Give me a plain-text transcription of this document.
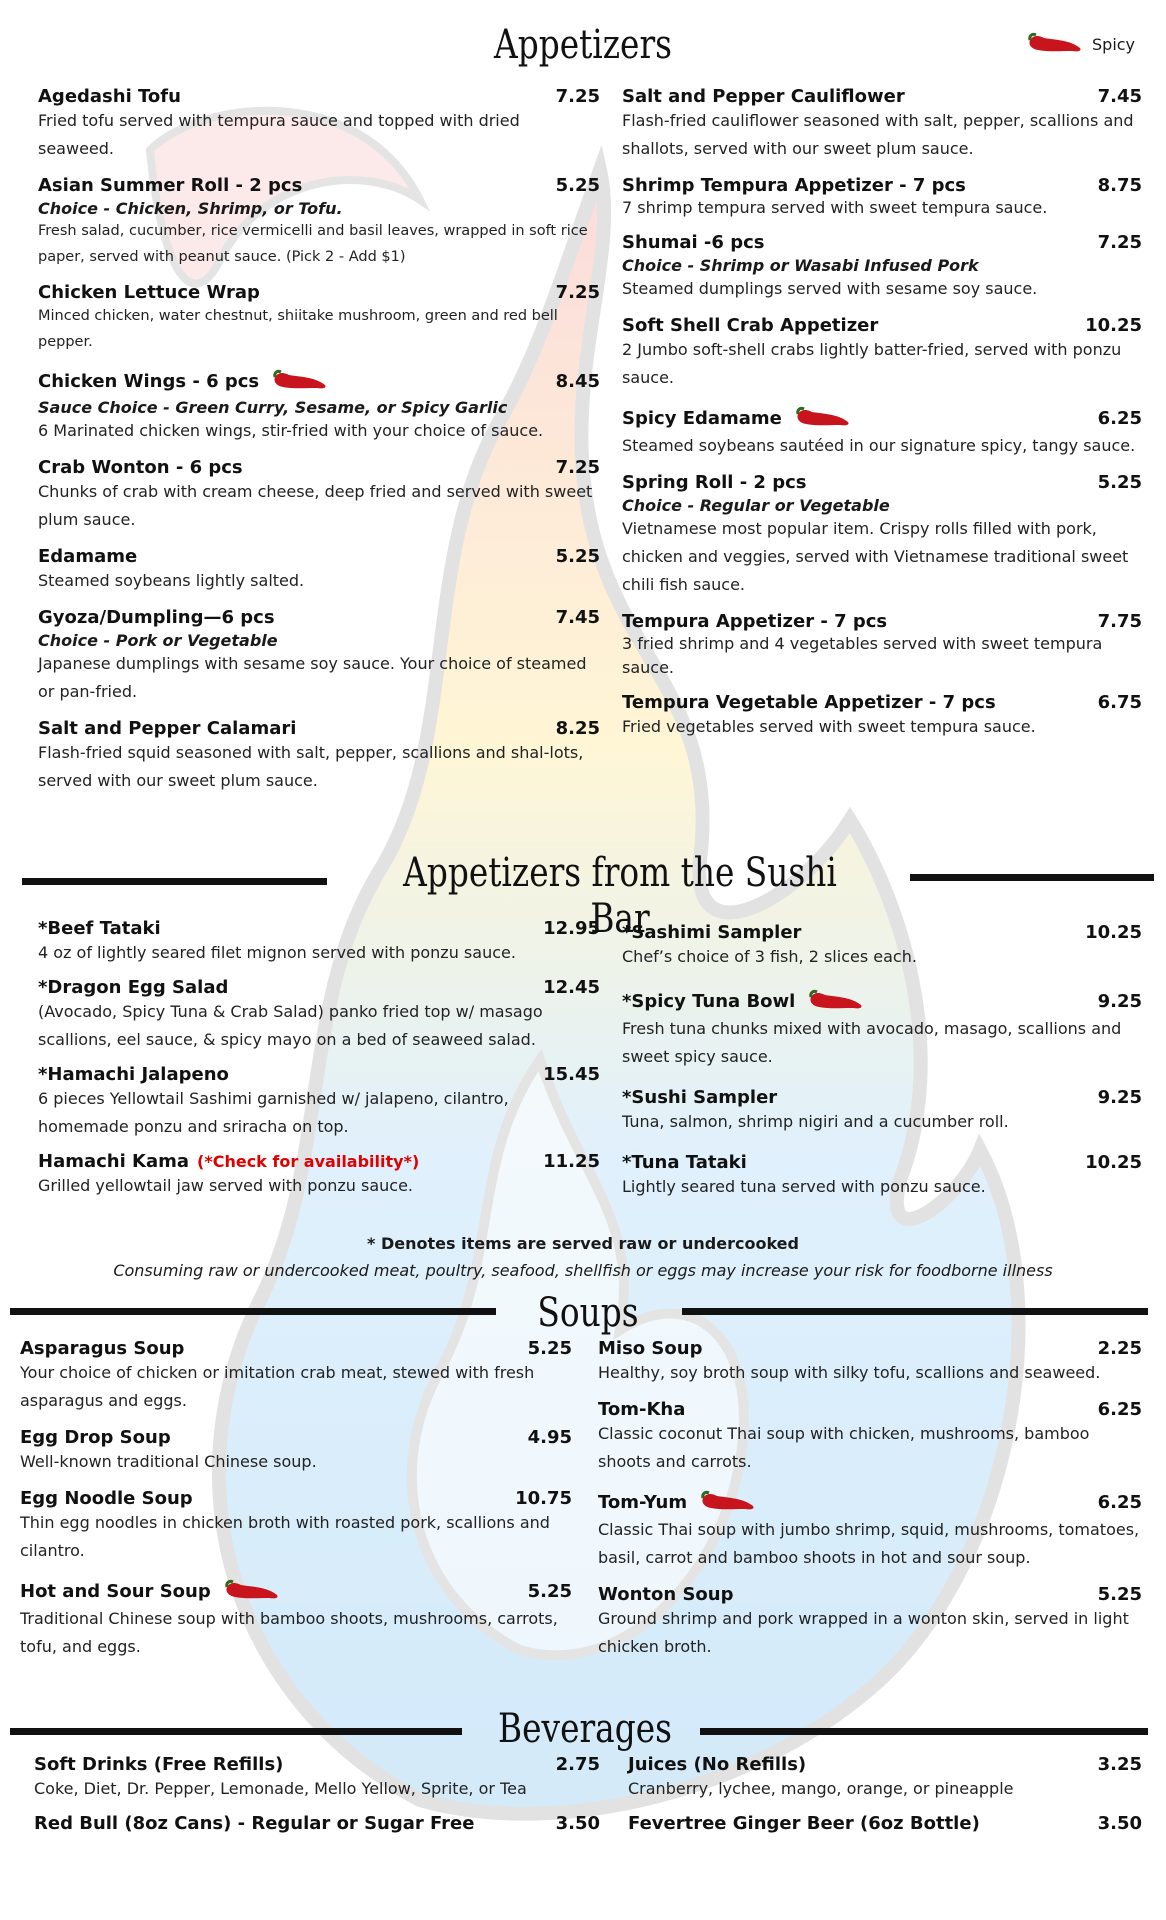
Spicy
Appetizers
Agedashi Tofu	7.25
Fried tofu served with tempura sauce and topped with dried seaweed.
Asian Summer Roll - 2 pcs	5.25
Choice - Chicken, Shrimp, or Tofu.
Fresh salad, cucumber, rice vermicelli and basil leaves, wrapped in soft rice paper, served with peanut sauce. (Pick 2 - Add $1)
Chicken Lettuce Wrap	7.25
Minced chicken, water chestnut, shiitake mushroom, green and red bell pepper.
Chicken Wings - 6 pcs	8.45
Sauce Choice - Green Curry, Sesame, or Spicy Garlic
6 Marinated chicken wings, stir-fried with your choice of sauce.
Crab Wonton - 6 pcs	7.25
Chunks of crab with cream cheese, deep fried and served with sweet plum sauce.
Edamame	5.25
Steamed soybeans lightly salted.
Gyoza/Dumpling—6 pcs	7.45
Choice - Pork or Vegetable
Japanese dumplings with sesame soy sauce. Your choice of steamed or pan-fried.
Salt and Pepper Calamari	8.25
Flash-fried squid seasoned with salt, pepper, scallions and shal-lots, served with our sweet plum sauce.
Salt and Pepper Cauliflower	7.45
Flash-fried cauliflower seasoned with salt, pepper, scallions and shallots, served with our sweet plum sauce.
Shrimp Tempura Appetizer - 7 pcs	8.75
7 shrimp tempura served with sweet tempura sauce.
Shumai -6 pcs	7.25
Choice - Shrimp or Wasabi Infused Pork
Steamed dumplings served with sesame soy sauce.
Soft Shell Crab Appetizer	10.25
2 Jumbo soft-shell crabs lightly batter-fried, served with ponzu sauce.
Spicy Edamame	6.25
Steamed soybeans sautéed in our signature spicy, tangy sauce.
Spring Roll - 2 pcs	5.25
Choice - Regular or Vegetable
Vietnamese most popular item. Crispy rolls filled with pork, chicken and veggies, served with Vietnamese traditional sweet chili fish sauce.
Tempura Appetizer - 7 pcs	7.75
3 fried shrimp and 4 vegetables served with sweet tempura sauce.
Tempura Vegetable Appetizer - 7 pcs	6.75
Fried vegetables served with sweet tempura sauce.
Appetizers from the Sushi Bar
*Beef Tataki	12.95
4 oz of lightly seared filet mignon served with ponzu sauce.
*Dragon Egg Salad	12.45
(Avocado, Spicy Tuna & Crab Salad) panko fried top w/ masago scallions, eel sauce, & spicy mayo on a bed of seaweed salad.
*Hamachi Jalapeno	15.45
6 pieces Yellowtail Sashimi garnished w/ jalapeno, cilantro, homemade ponzu and sriracha on top.
Hamachi Kama (*Check for availability*)	11.25
Grilled yellowtail jaw served with ponzu sauce.
*Sashimi Sampler	10.25
Chef’s choice of 3 fish, 2 slices each.
*Spicy Tuna Bowl	9.25
Fresh tuna chunks mixed with avocado, masago, scallions and sweet spicy sauce.
*Sushi Sampler	9.25
Tuna, salmon, shrimp nigiri and a cucumber roll.
*Tuna Tataki	10.25
Lightly seared tuna served with ponzu sauce.
* Denotes items are served raw or undercooked
Consuming raw or undercooked meat, poultry, seafood, shellfish or eggs may increase your risk for foodborne illness
Soups
Asparagus Soup	5.25
Your choice of chicken or imitation crab meat, stewed with fresh asparagus and eggs.
Egg Drop Soup	4.95
Well-known traditional Chinese soup.
Egg Noodle Soup	10.75
Thin egg noodles in chicken broth with roasted pork, scallions and cilantro.
Hot and Sour Soup	5.25
Traditional Chinese soup with bamboo shoots, mushrooms, carrots, tofu, and eggs.
Miso Soup	2.25
Healthy, soy broth soup with silky tofu, scallions and seaweed.
Tom-Kha	6.25
Classic coconut Thai soup with chicken, mushrooms, bamboo shoots and carrots.
Tom-Yum	6.25
Classic Thai soup with jumbo shrimp, squid, mushrooms, tomatoes, basil, carrot and bamboo shoots in hot and sour soup.
Wonton Soup	5.25
Ground shrimp and pork wrapped in a wonton skin, served in light chicken broth.
Beverages
Soft Drinks (Free Refills)	2.75
Coke, Diet, Dr. Pepper, Lemonade, Mello Yellow, Sprite, or Tea
Red Bull (8oz Cans) - Regular or Sugar Free	3.50
Juices (No Refills)	3.25
Cranberry, lychee, mango, orange, or pineapple
Fevertree Ginger Beer (6oz Bottle)	3.50
